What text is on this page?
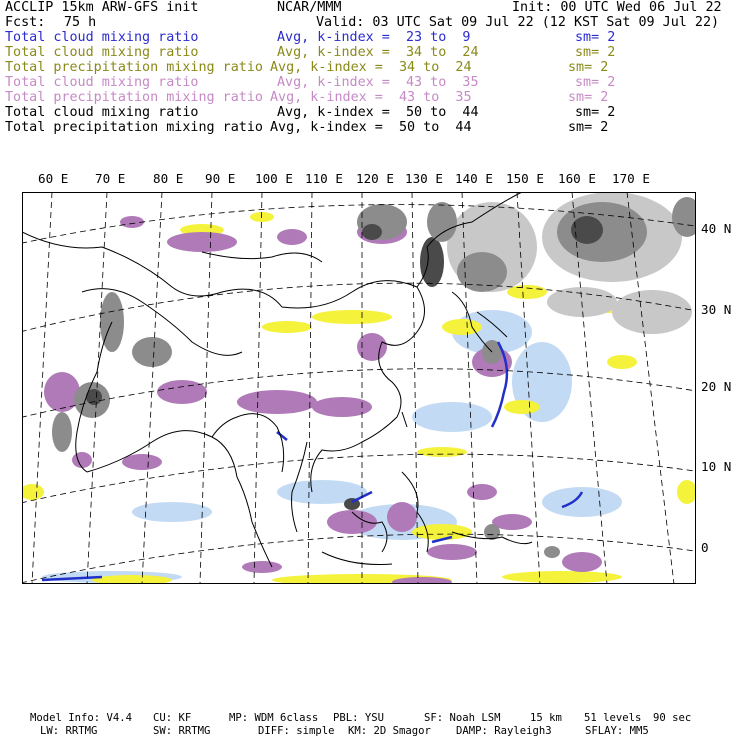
ACCLIP 15km ARW-GFS init	NCAR/MMM	Init: 00 UTC Wed 06 Jul 22
Fcst: 75 h	Valid: 03 UTC Sat 09 Jul 22 (12 KST Sat 09 Jul 22)
Total cloud mixing ratio	Avg, k-index =  23 to  9	sm= 2
Total cloud mixing ratio	Avg, k-index =  34 to  24	sm= 2
Total precipitation mixing ratio Avg, k-index =  34 to  24	sm= 2
Total cloud mixing ratio	Avg, k-index =  43 to  35	sm= 2
Total precipitation mixing ratio Avg, k-index =  43 to  35	sm= 2
Total cloud mixing ratio	Avg, k-index =  50 to  44	sm= 2
Total precipitation mixing ratio Avg, k-index =  50 to  44	sm= 2
60 E 70 E 80 E 90 E 100 E 110 E 120 E 130 E 140 E 150 E 160 E 170 E
40 N
30 N
20 N
10 N
0
Model Info: V4.4 CU: KF	MP: WDM 6class PBL: YSU	SF: Noah LSM	15 km 51 levels 90 sec
LW: RRTMG	SW: RRTMG	DIFF: simple KM: 2D Smagor DAMP: Rayleigh3	SFLAY: MM5
